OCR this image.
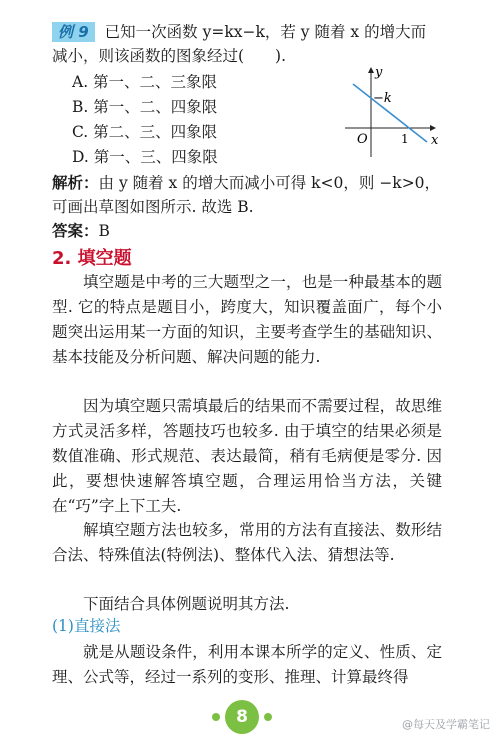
例 9 已知一次函数 y=kx−k，若 y 随着 x 的增大而
减小，则该函数的图象经过(　　).
A. 第一、二、三象限
B. 第一、二、四象限
C. 第二、三、四象限
D. 第一、三、四象限
y
x
O
−k
1
解析：由 y 随着 x 的增大而减小可得 k<0，则 −k>0，
可画出草图如图所示. 故选 B.
答案：B
2. 填空题
填空题是中考的三大题型之一，也是一种最基本的题型. 它的特点是题目小，跨度大，知识覆盖面广，每个小题突出运用某一方面的知识，主要考查学生的基础知识、基本技能及分析问题、解决问题的能力.
因为填空题只需填最后的结果而不需要过程，故思维方式灵活多样，答题技巧也较多. 由于填空的结果必须是数值准确、形式规范、表达最简，稍有毛病便是零分. 因此，要想快速解答填空题，合理运用恰当方法，关键在“巧”字上下工夫.
解填空题方法也较多，常用的方法有直接法、数形结合法、特殊值法(特例法)、整体代入法、猜想法等.
下面结合具体例题说明其方法.
(1)直接法
就是从题设条件，利用本课本所学的定义、性质、定理、公式等，经过一系列的变形、推理、计算最终得
8	@每天及学霸笔记
